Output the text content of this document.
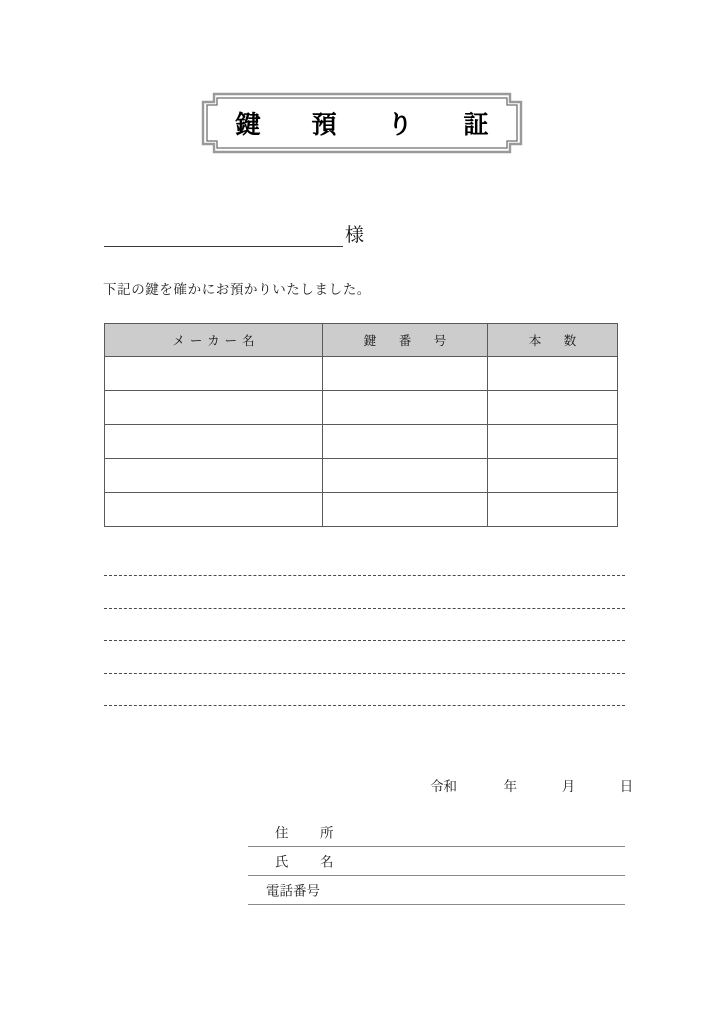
鍵　預　り　証
様
下記の鍵を確かにお預かりいたしました。
メーカー名	鍵　番　号	本　数

令和	年	月	日
住　所
氏　名
電話番号
